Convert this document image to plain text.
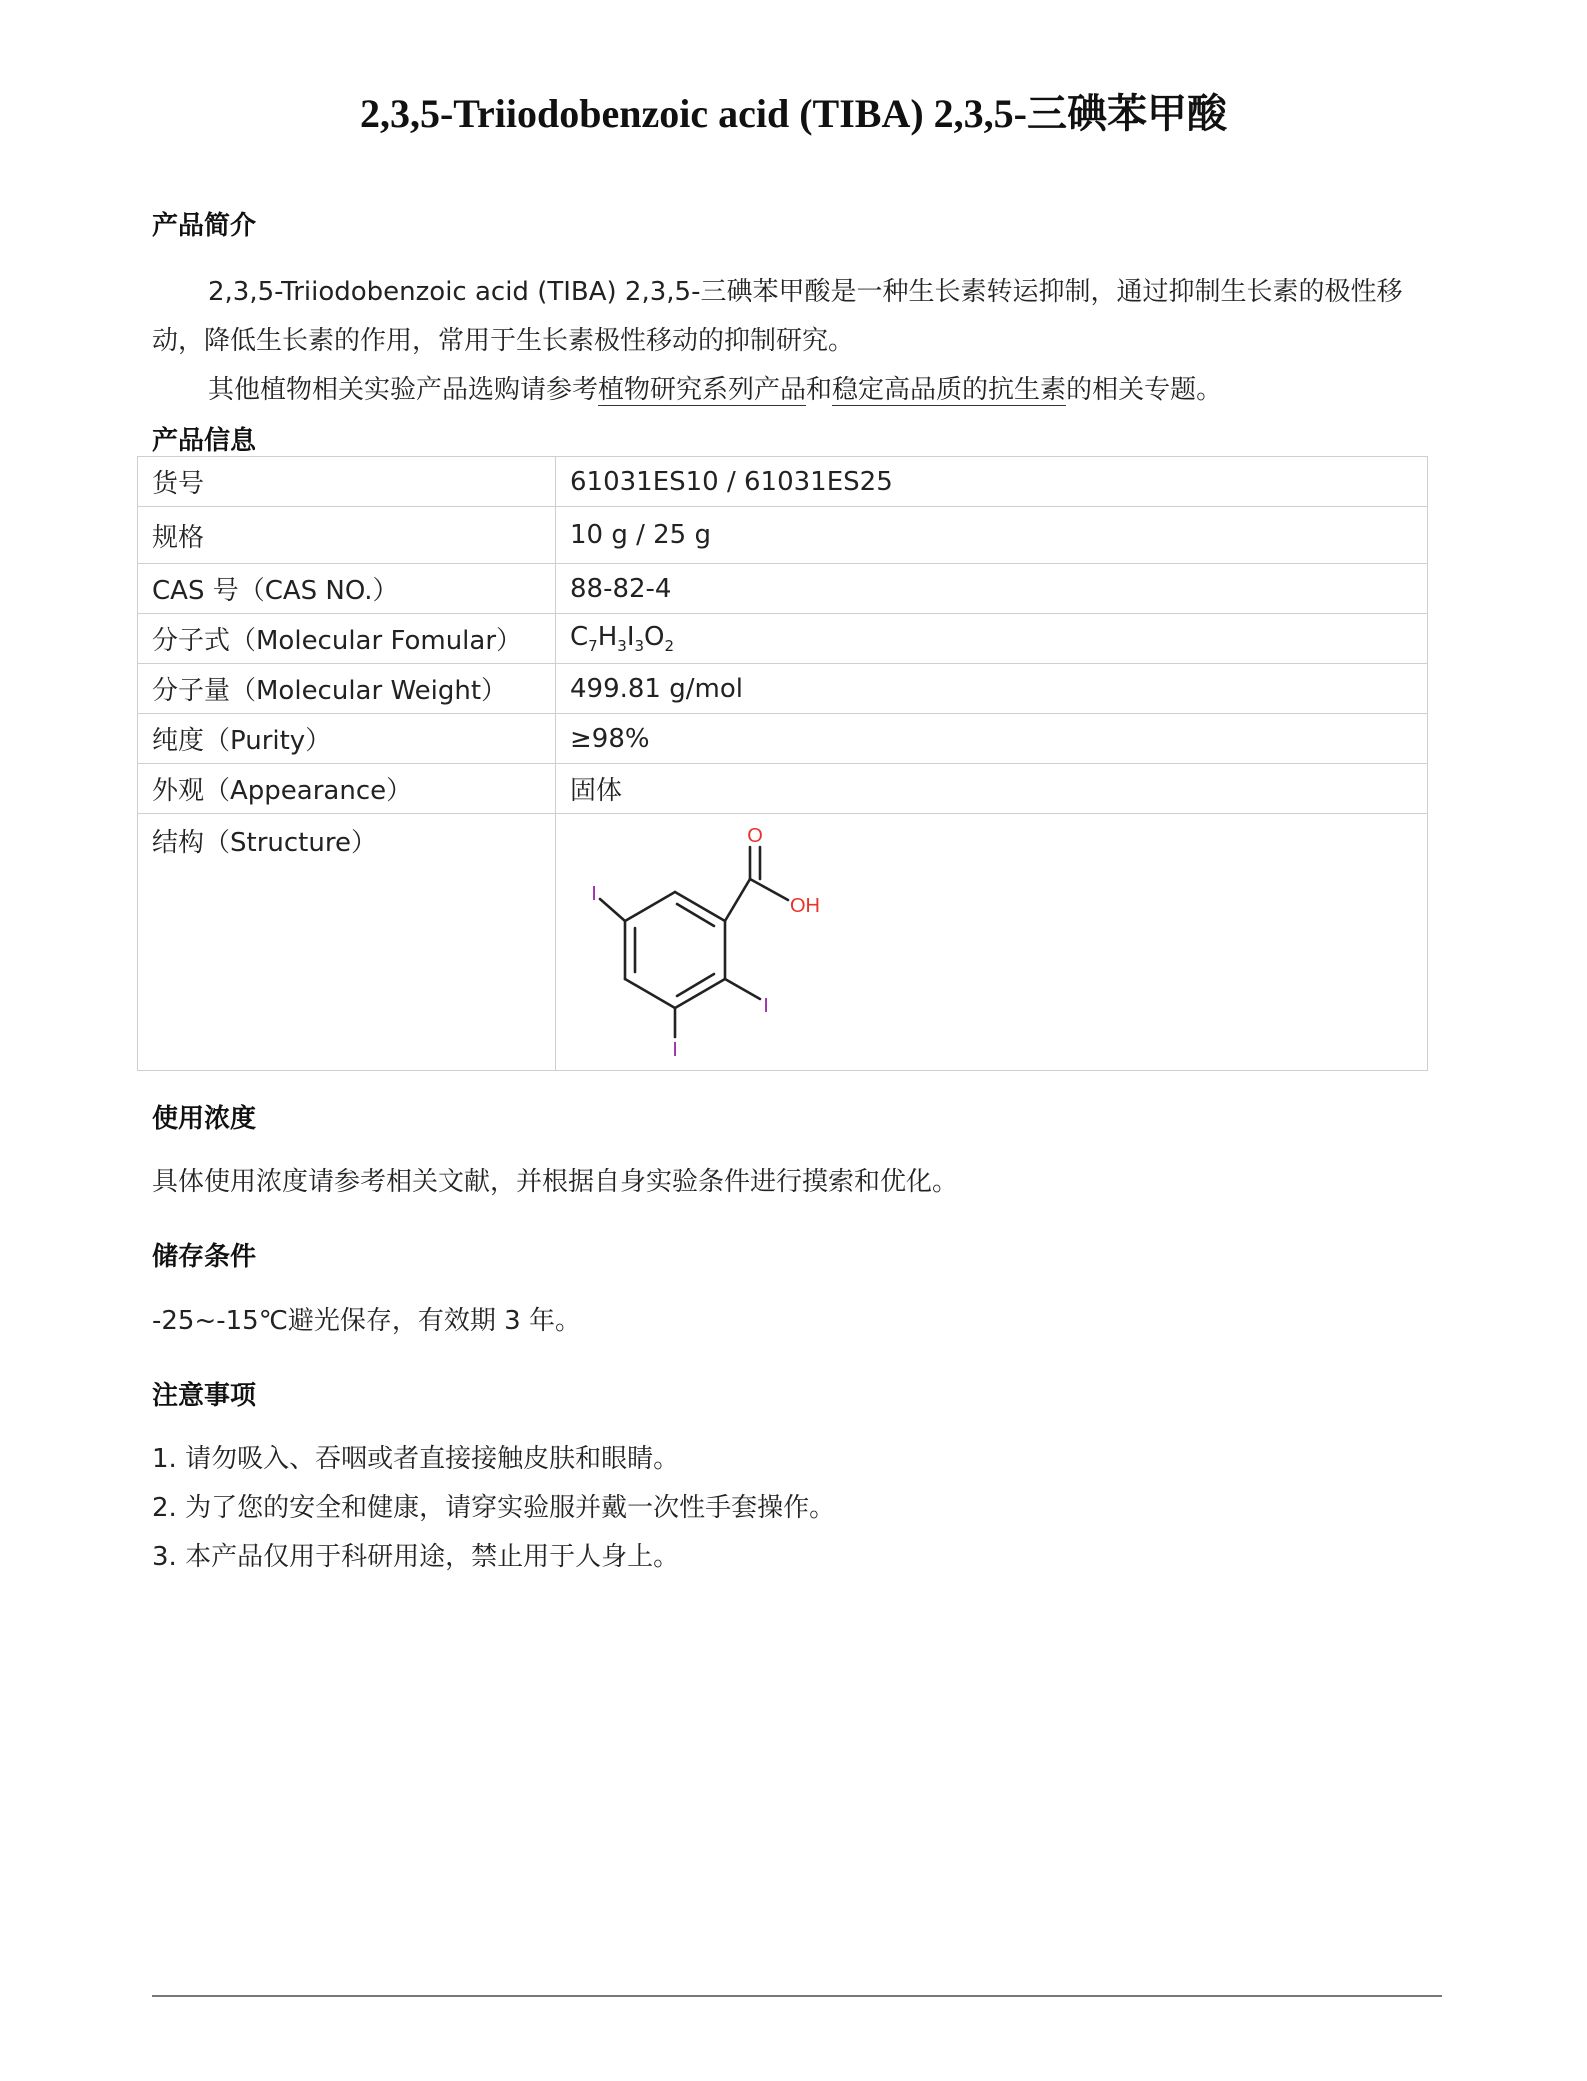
2,3,5-Triiodobenzoic acid (TIBA) 2,3,5-三碘苯甲酸
产品简介

2,3,5-Triiodobenzoic acid (TIBA) 2,3,5-三碘苯甲酸是一种生长素转运抑制，通过抑制生长素的极性移动，降低生长素的作用，常用于生长素极性移动的抑制研究。

其他植物相关实验产品选购请参考植物研究系列产品和稳定高品质的抗生素的相关专题。

产品信息
货号	61031ES10 / 61031ES25
规格	10 g / 25 g
CAS 号（CAS NO.）	88-82-4
分子式（Molecular Fomular）	$C_7H_3I_3O_2$
分子量（Molecular Weight）	499.81 g/mol
纯度（Purity）	≥98%
外观（Appearance）	固体
结构（Structure）	O
OH
I
I
I
使用浓度

具体使用浓度请参考相关文献，并根据自身实验条件进行摸索和优化。

储存条件

-25~-15℃避光保存，有效期 3 年。

注意事项
1. 请勿吸入、吞咽或者直接接触皮肤和眼睛。
2. 为了您的安全和健康，请穿实验服并戴一次性手套操作。
3. 本产品仅用于科研用途，禁止用于人身上。
